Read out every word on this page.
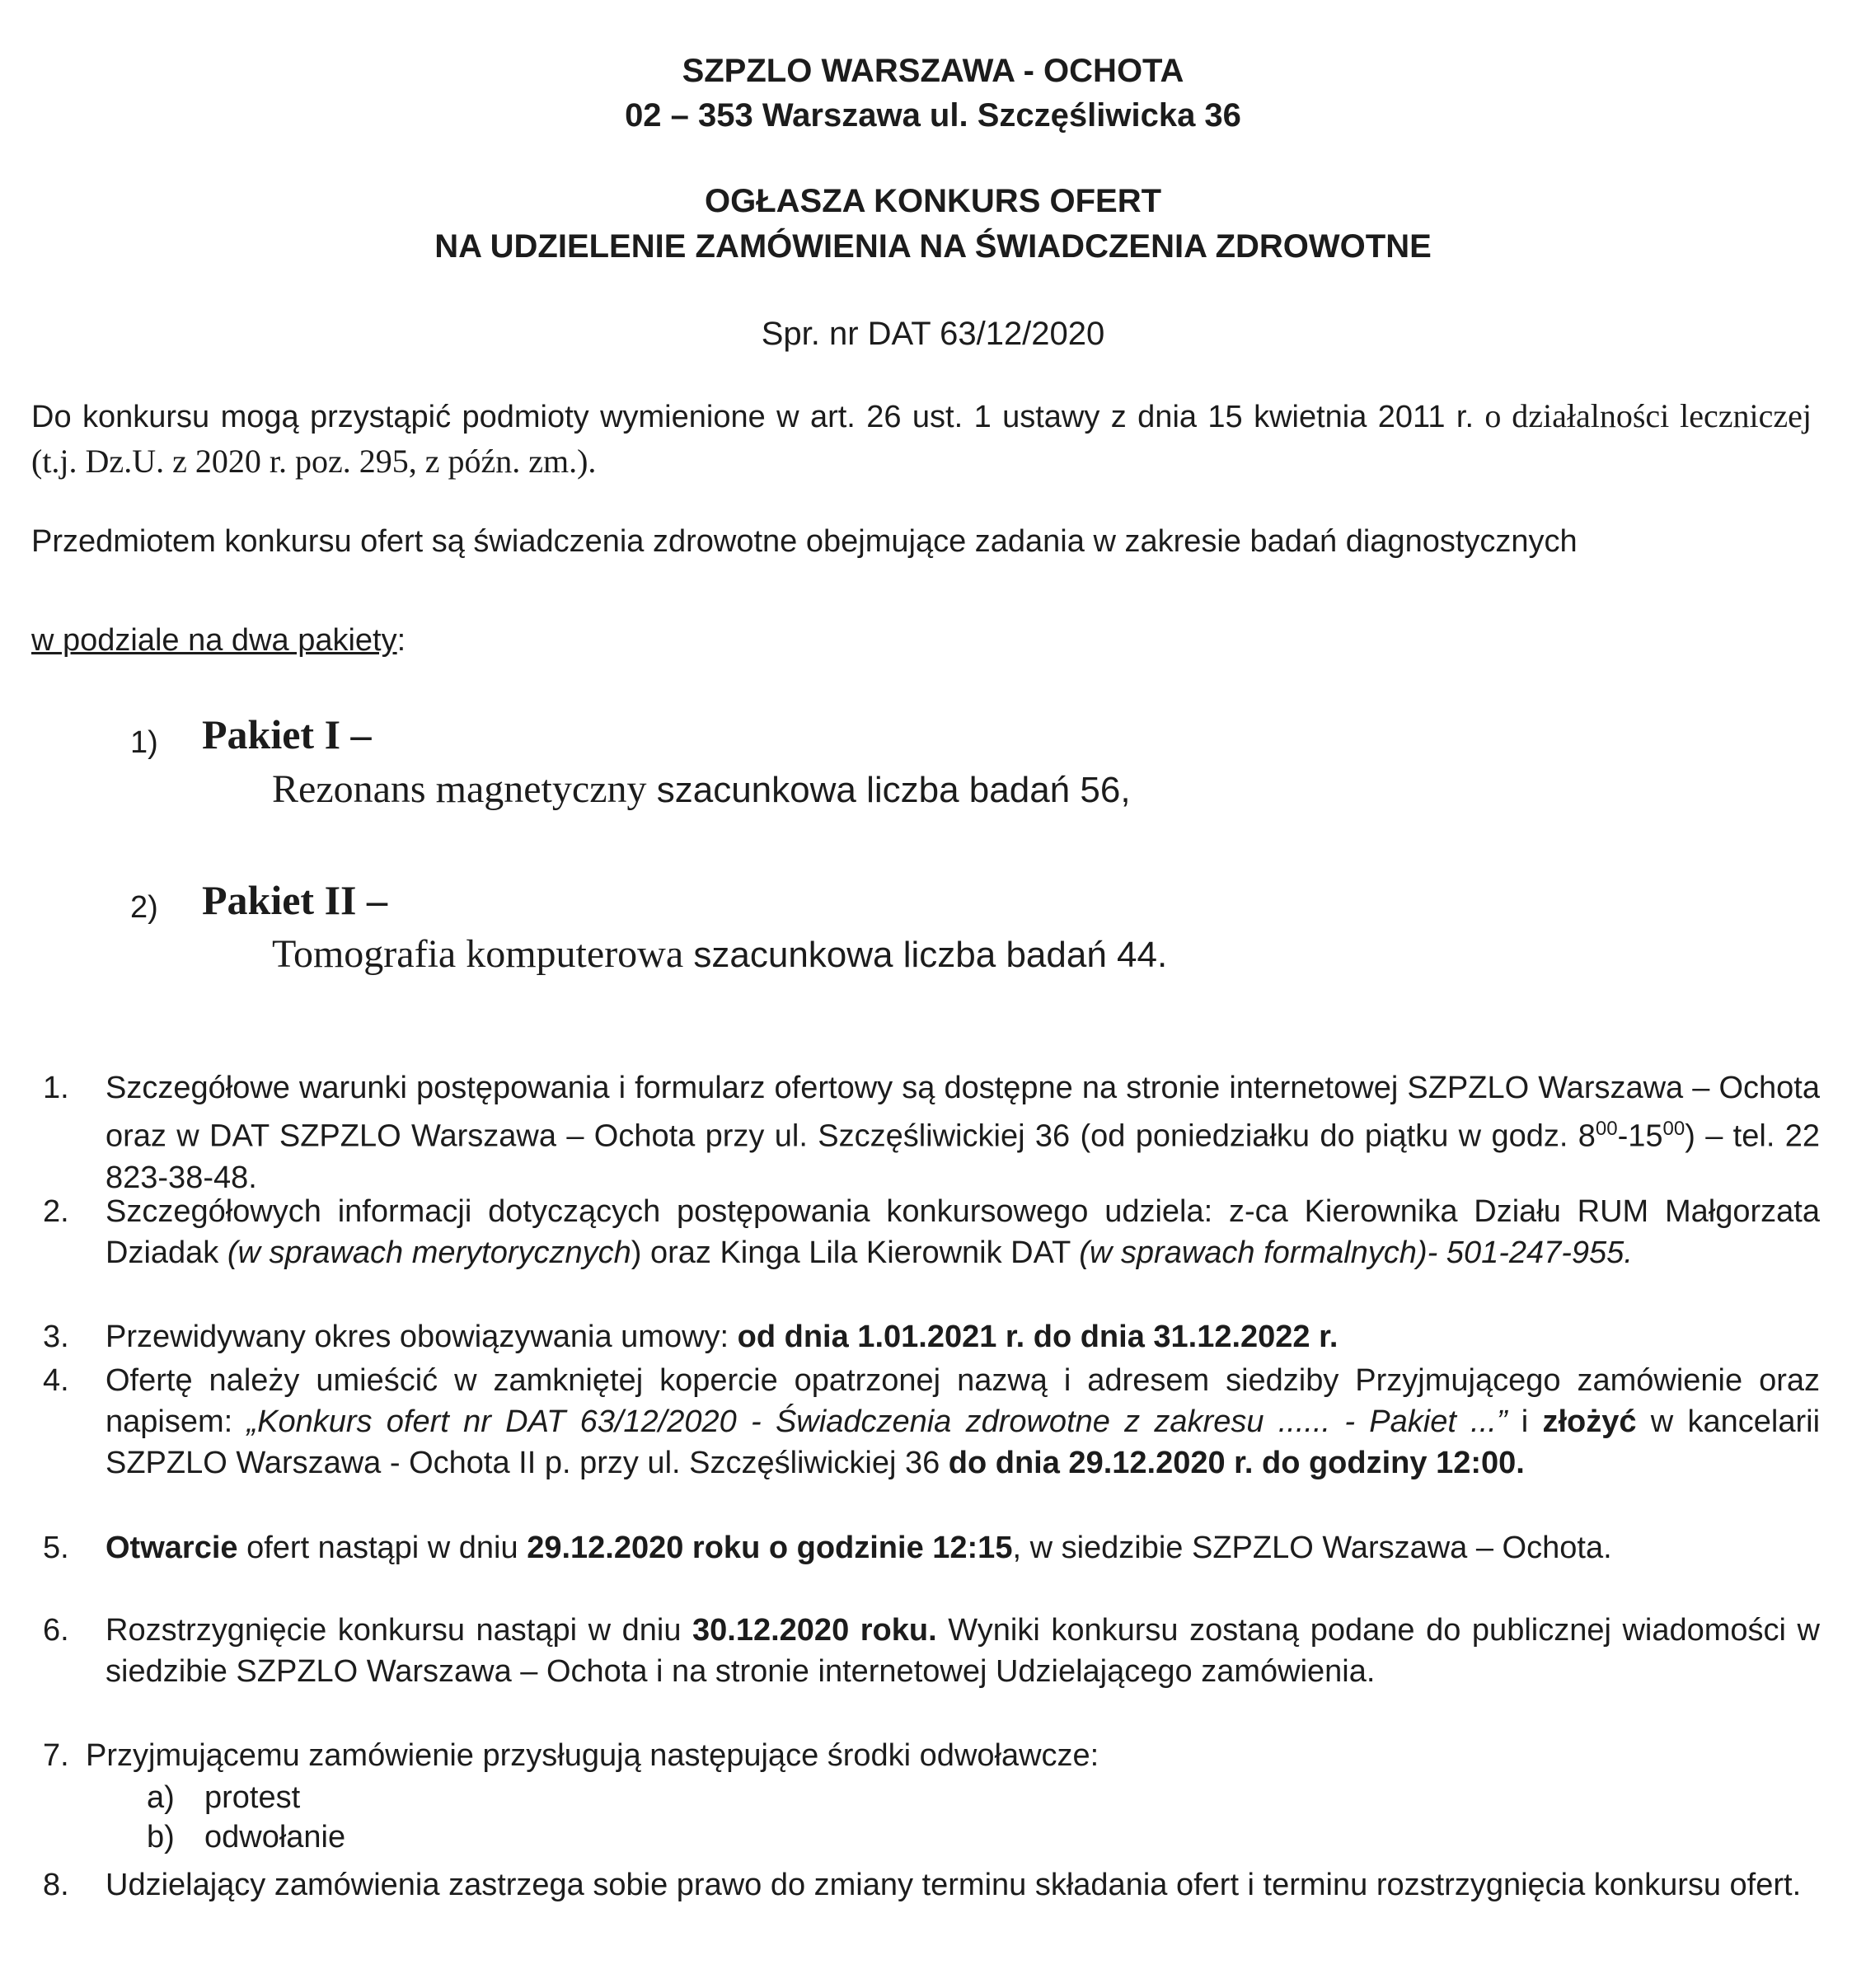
SZPZLO WARSZAWA - OCHOTA
02 – 353 Warszawa ul. Szczęśliwicka 36
OGŁASZA KONKURS OFERT
NA UDZIELENIE ZAMÓWIENIA NA ŚWIADCZENIA ZDROWOTNE
Spr. nr DAT 63/12/2020
Do konkursu mogą przystąpić podmioty wymienione w art. 26 ust. 1 ustawy z dnia 15 kwietnia 2011 r. o działalności leczniczej (t.j. Dz.U. z 2020 r. poz. 295, z późn. zm.).
Przedmiotem konkursu ofert są świadczenia zdrowotne obejmujące zadania w zakresie badań diagnostycznych
w podziale na dwa pakiety:
1) Pakiet I –
Rezonans magnetyczny szacunkowa liczba badań 56,
2) Pakiet II –
Tomografia komputerowa szacunkowa liczba badań 44.
1. Szczegółowe warunki postępowania i formularz ofertowy są dostępne na stronie internetowej SZPZLO Warszawa – Ochota oraz w DAT SZPZLO Warszawa – Ochota przy ul. Szczęśliwickiej 36 (od poniedziałku do piątku w godz. $8^{00}-15^{00}$) – tel. 22 823-38-48.
2. Szczegółowych informacji dotyczących postępowania konkursowego udziela: z-ca Kierownika Działu RUM Małgorzata Dziadak (w sprawach merytorycznych) oraz Kinga Lila Kierownik DAT (w sprawach formalnych)- 501-247-955.
3. Przewidywany okres obowiązywania umowy: od dnia 1.01.2021 r. do dnia 31.12.2022 r.
4. Ofertę należy umieścić w zamkniętej kopercie opatrzonej nazwą i adresem siedziby Przyjmującego zamówienie oraz napisem: „Konkurs ofert nr DAT 63/12/2020 - Świadczenia zdrowotne z zakresu ...... - Pakiet ...” i złożyć w kancelarii SZPZLO Warszawa - Ochota II p. przy ul. Szczęśliwickiej 36 do dnia 29.12.2020 r. do godziny 12:00.
5. Otwarcie ofert nastąpi w dniu 29.12.2020 roku o godzinie 12:15, w siedzibie SZPZLO Warszawa – Ochota.
6. Rozstrzygnięcie konkursu nastąpi w dniu 30.12.2020 roku. Wyniki konkursu zostaną podane do publicznej wiadomości w siedzibie SZPZLO Warszawa – Ochota i na stronie internetowej Udzielającego zamówienia.
7. Przyjmującemu zamówienie przysługują następujące środki odwoławcze:
a) protest
b) odwołanie
8. Udzielający zamówienia zastrzega sobie prawo do zmiany terminu składania ofert i terminu rozstrzygnięcia konkursu ofert.
